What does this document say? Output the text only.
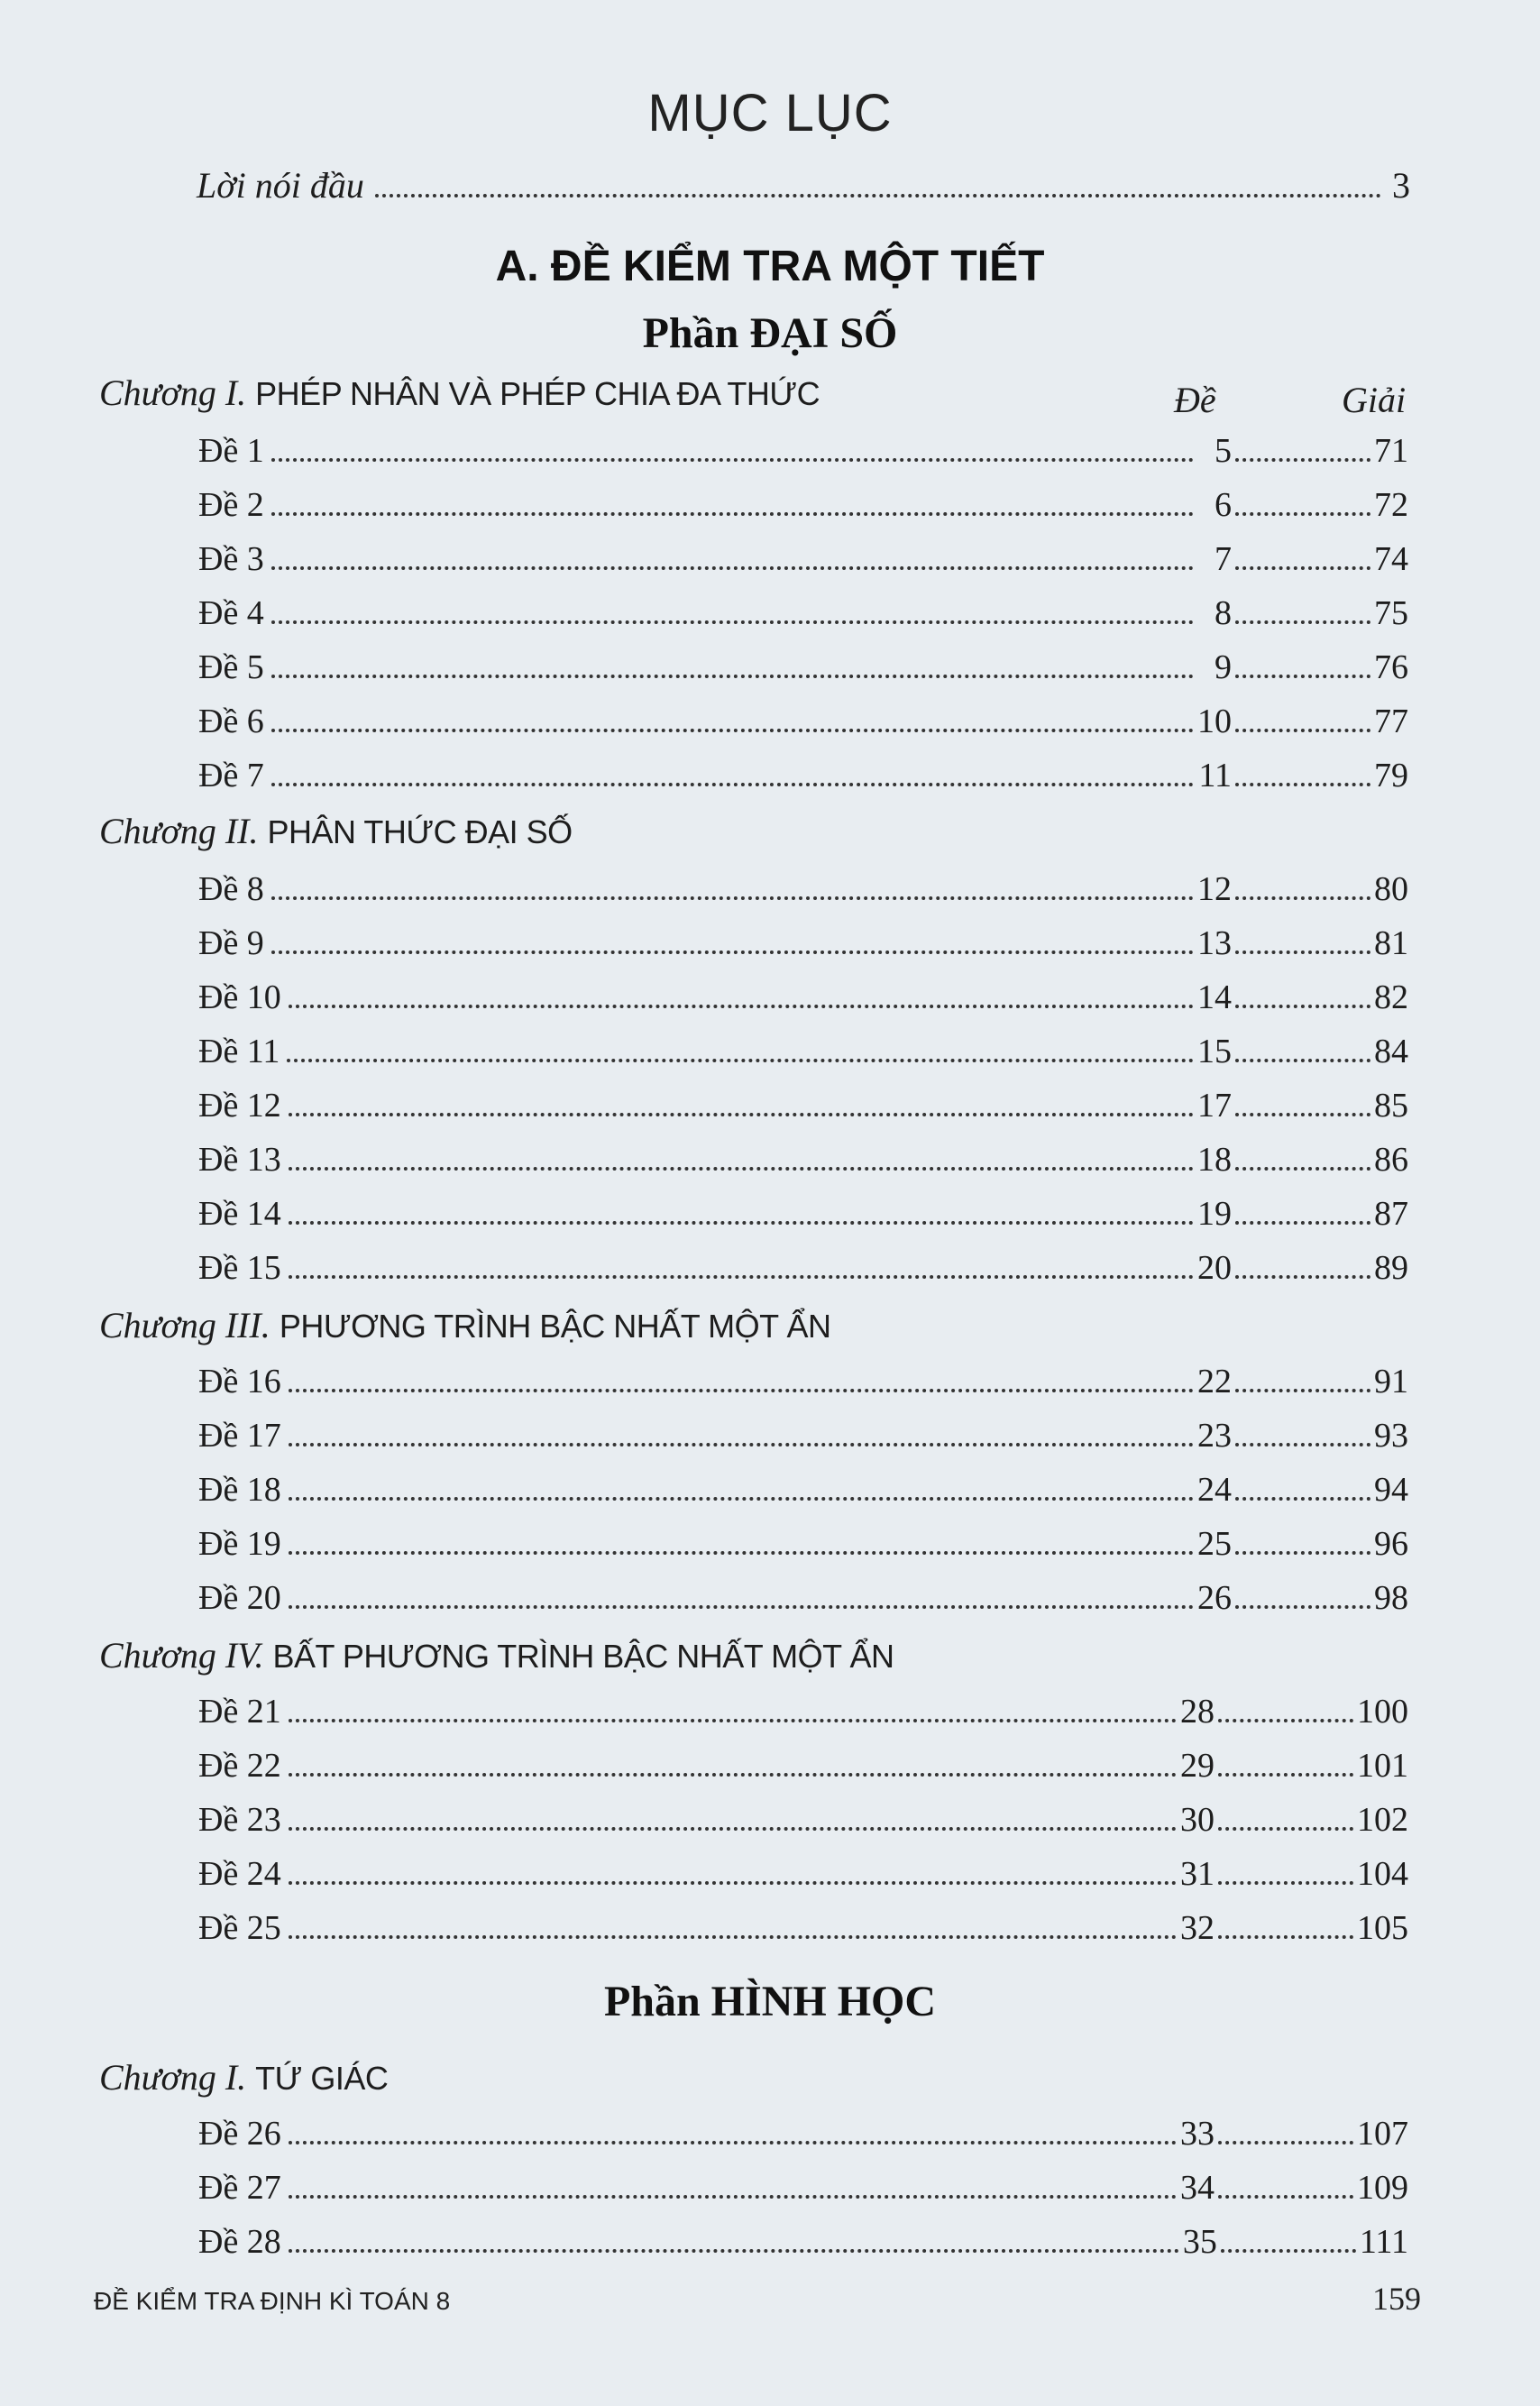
MỤC LỤC
Lời nói đầu	3
A. ĐỀ KIỂM TRA MỘT TIẾT
Phần ĐẠI SỐ
Đề	Giải
Chương I. PHÉP NHÂN VÀ PHÉP CHIA ĐA THỨC
Chương II. PHÂN THỨC ĐẠI SỐ
Chương III. PHƯƠNG TRÌNH BẬC NHẤT MỘT ẨN
Chương IV. BẤT PHƯƠNG TRÌNH BẬC NHẤT MỘT ẨN
Phần HÌNH HỌC
Chương I. TỨ GIÁC
Đề 1	5	71
Đề 2	6	72
Đề 3	7	74
Đề 4	8	75
Đề 5	9	76
Đề 6	10	77
Đề 7	11	79
Đề 8	12	80
Đề 9	13	81
Đề 10	14	82
Đề 11	15	84
Đề 12	17	85
Đề 13	18	86
Đề 14	19	87
Đề 15	20	89
Đề 16	22	91
Đề 17	23	93
Đề 18	24	94
Đề 19	25	96
Đề 20	26	98
Đề 21	28	100
Đề 22	29	101
Đề 23	30	102
Đề 24	31	104
Đề 25	32	105
Đề 26	33	107
Đề 27	34	109
Đề 28	35	111
ĐỀ KIỂM TRA ĐỊNH KÌ TOÁN 8	159
